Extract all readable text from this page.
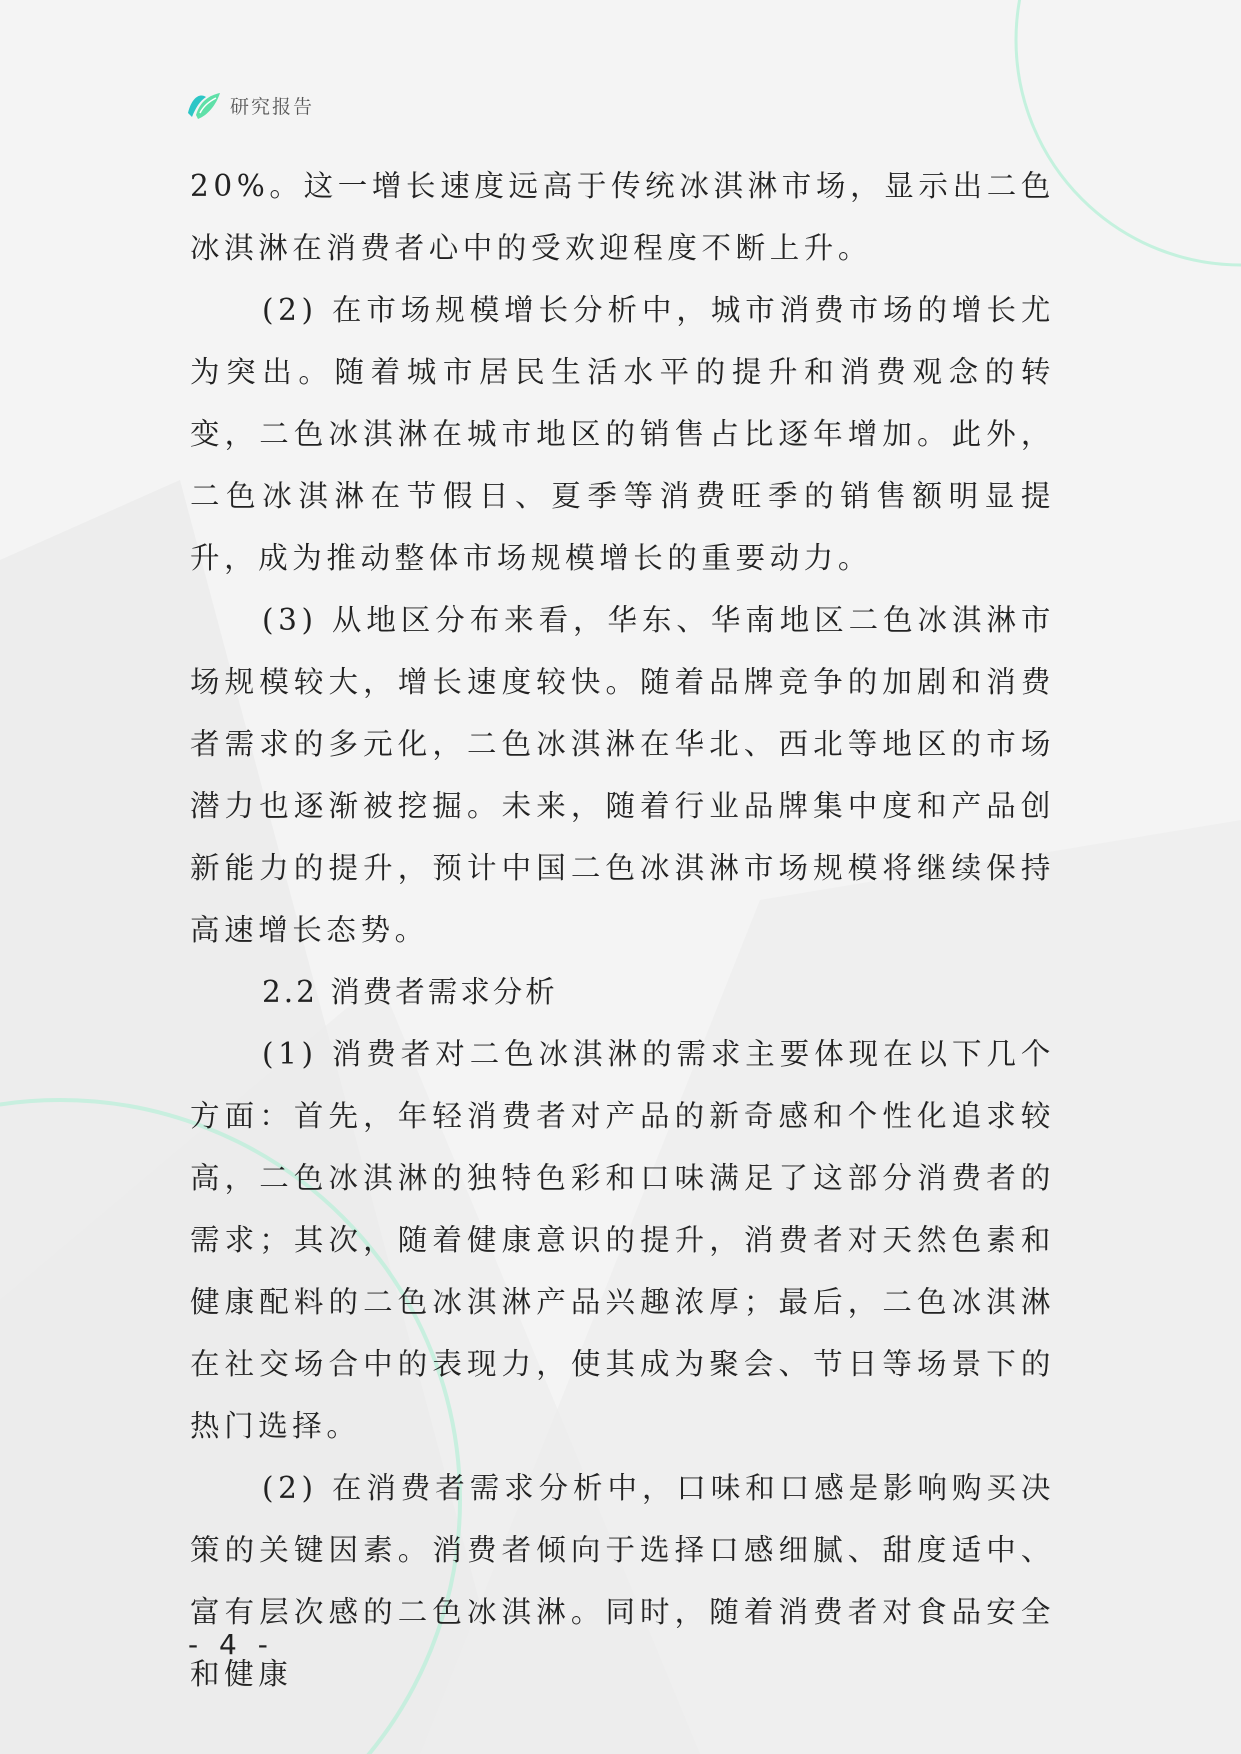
研究报告

20%。这一增长速度远高于传统冰淇淋市场，显示出二色冰淇淋在消费者心中的受欢迎程度不断上升。

(2) 在市场规模增长分析中，城市消费市场的增长尤为突出。随着城市居民生活水平的提升和消费观念的转变，二色冰淇淋在城市地区的销售占比逐年增加。此外，二色冰淇淋在节假日、夏季等消费旺季的销售额明显提升，成为推动整体市场规模增长的重要动力。

(3) 从地区分布来看，华东、华南地区二色冰淇淋市场规模较大，增长速度较快。随着品牌竞争的加剧和消费者需求的多元化，二色冰淇淋在华北、西北等地区的市场潜力也逐渐被挖掘。未来，随着行业品牌集中度和产品创新能力的提升，预计中国二色冰淇淋市场规模将继续保持高速增长态势。

2.2 消费者需求分析

(1) 消费者对二色冰淇淋的需求主要体现在以下几个方面：首先，年轻消费者对产品的新奇感和个性化追求较高，二色冰淇淋的独特色彩和口味满足了这部分消费者的需求；其次，随着健康意识的提升，消费者对天然色素和健康配料的二色冰淇淋产品兴趣浓厚；最后，二色冰淇淋在社交场合中的表现力，使其成为聚会、节日等场景下的热门选择。

(2) 在消费者需求分析中，口味和口感是影响购买决策的关键因素。消费者倾向于选择口感细腻、甜度适中、富有层次感的二色冰淇淋。同时，随着消费者对食品安全和健康

- 4 -
